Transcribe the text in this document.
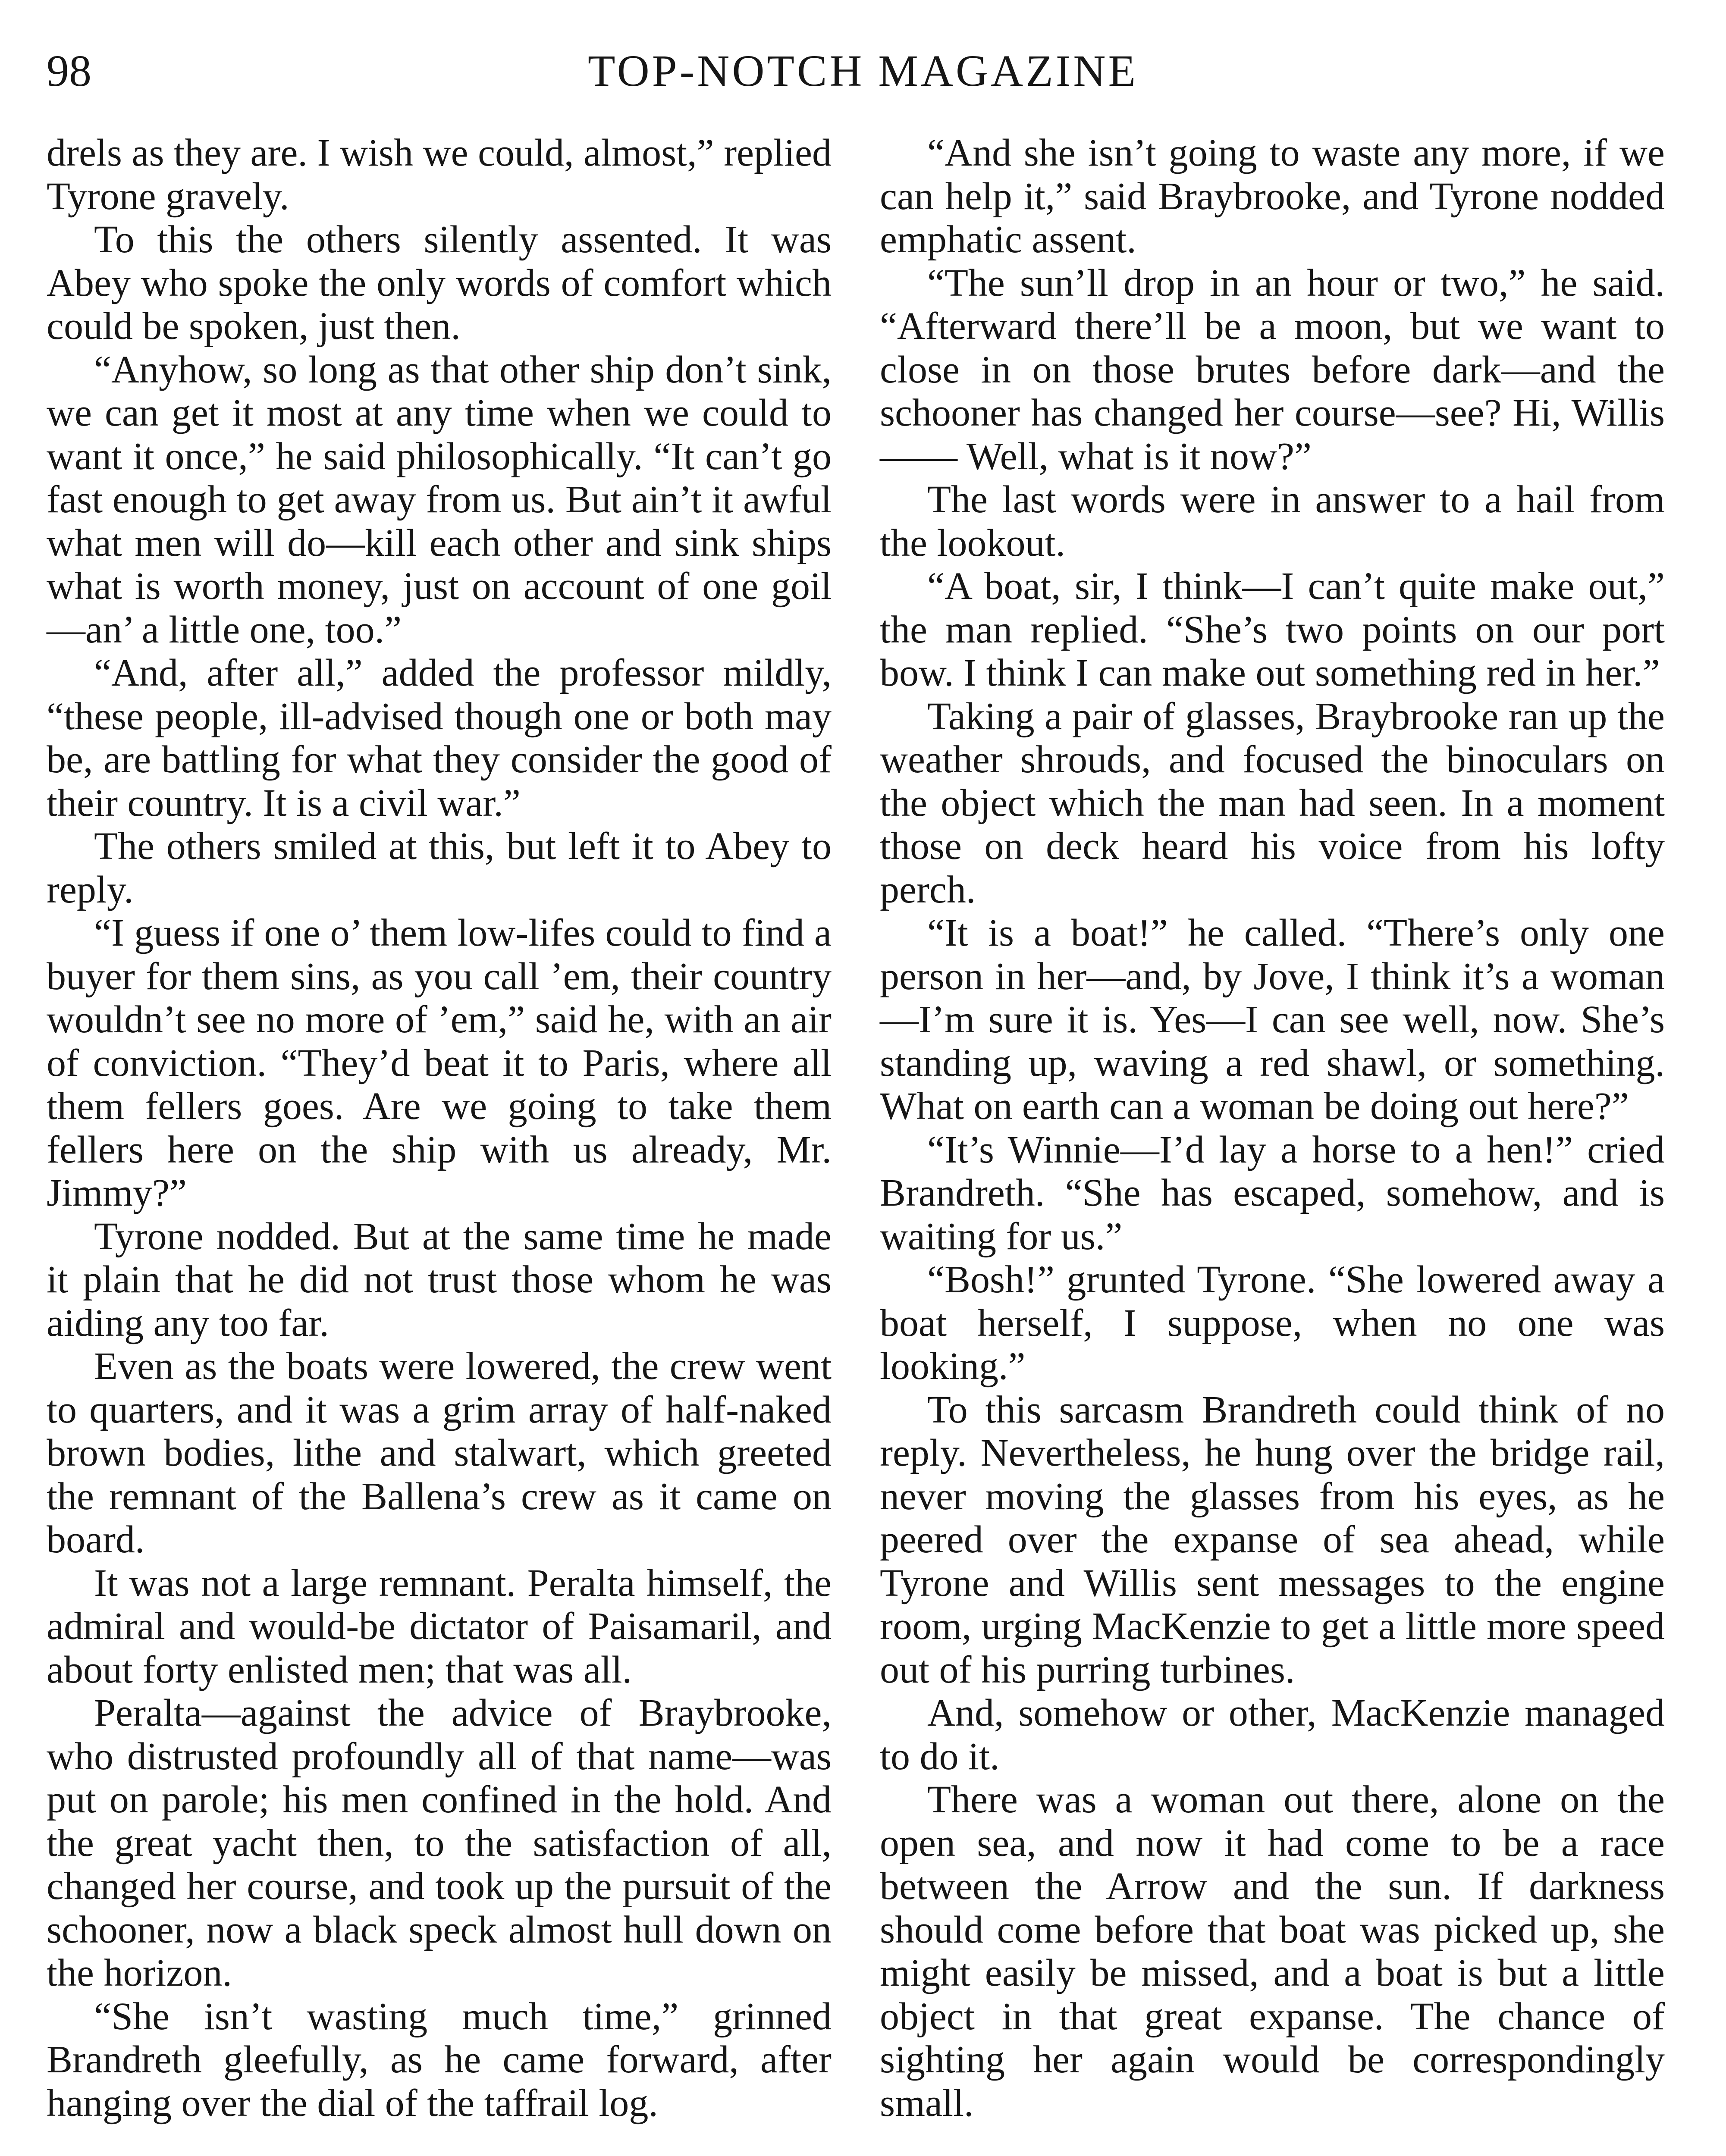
98	TOP-NOTCH MAGAZINE

drels as they are. I wish we could, almost,” replied Tyrone gravely.

To this the others silently assented. It was Abey who spoke the only words of comfort which could be spoken, just then.

“Anyhow, so long as that other ship don’t sink, we can get it most at any time when we could to want it once,” he said philosophically. “It can’t go fast enough to get away from us. But ain’t it awful what men will do—kill each other and sink ships what is worth money, just on account of one goil—an’ a little one, too.”

“And, after all,” added the professor mildly, “these people, ill-advised though one or both may be, are battling for what they consider the good of their country. It is a civil war.”

The others smiled at this, but left it to Abey to reply.

“I guess if one o’ them low-lifes could to find a buyer for them sins, as you call ’em, their country wouldn’t see no more of ’em,” said he, with an air of conviction. “They’d beat it to Paris, where all them fellers goes. Are we going to take them fellers here on the ship with us already, Mr. Jimmy?”

Tyrone nodded. But at the same time he made it plain that he did not trust those whom he was aiding any too far.

Even as the boats were lowered, the crew went to quarters, and it was a grim array of half-naked brown bodies, lithe and stalwart, which greeted the remnant of the Ballena’s crew as it came on board.

It was not a large remnant. Peralta himself, the admiral and would-be dictator of Paisamaril, and about forty enlisted men; that was all.

Peralta—against the advice of Braybrooke, who distrusted profoundly all of that name—was put on parole; his men confined in the hold. And the great yacht then, to the satisfaction of all, changed her course, and took up the pursuit of the schooner, now a black speck almost hull down on the horizon.

“She isn’t wasting much time,” grinned Brandreth gleefully, as he came forward, after hanging over the dial of the taffrail log.

“And she isn’t going to waste any more, if we can help it,” said Braybrooke, and Tyrone nodded emphatic assent.

“The sun’ll drop in an hour or two,” he said. “Afterward there’ll be a moon, but we want to close in on those brutes before dark—and the schooner has changed her course—see? Hi, Willis—— Well, what is it now?”

The last words were in answer to a hail from the lookout.

“A boat, sir, I think—I can’t quite make out,” the man replied. “She’s two points on our port bow. I think I can make out something red in her.”

Taking a pair of glasses, Braybrooke ran up the weather shrouds, and focused the binoculars on the object which the man had seen. In a moment those on deck heard his voice from his lofty perch.

“It is a boat!” he called. “There’s only one person in her—and, by Jove, I think it’s a woman—I’m sure it is. Yes—I can see well, now. She’s standing up, waving a red shawl, or something. What on earth can a woman be doing out here?”

“It’s Winnie—I’d lay a horse to a hen!” cried Brandreth. “She has escaped, somehow, and is waiting for us.”

“Bosh!” grunted Tyrone. “She lowered away a boat herself, I suppose, when no one was looking.”

To this sarcasm Brandreth could think of no reply. Nevertheless, he hung over the bridge rail, never moving the glasses from his eyes, as he peered over the expanse of sea ahead, while Tyrone and Willis sent messages to the engine room, urging MacKenzie to get a little more speed out of his purring turbines.

And, somehow or other, MacKenzie managed to do it.

There was a woman out there, alone on the open sea, and now it had come to be a race between the Arrow and the sun. If darkness should come before that boat was picked up, she might easily be missed, and a boat is but a little object in that great expanse. The chance of sighting her again would be correspondingly small.
